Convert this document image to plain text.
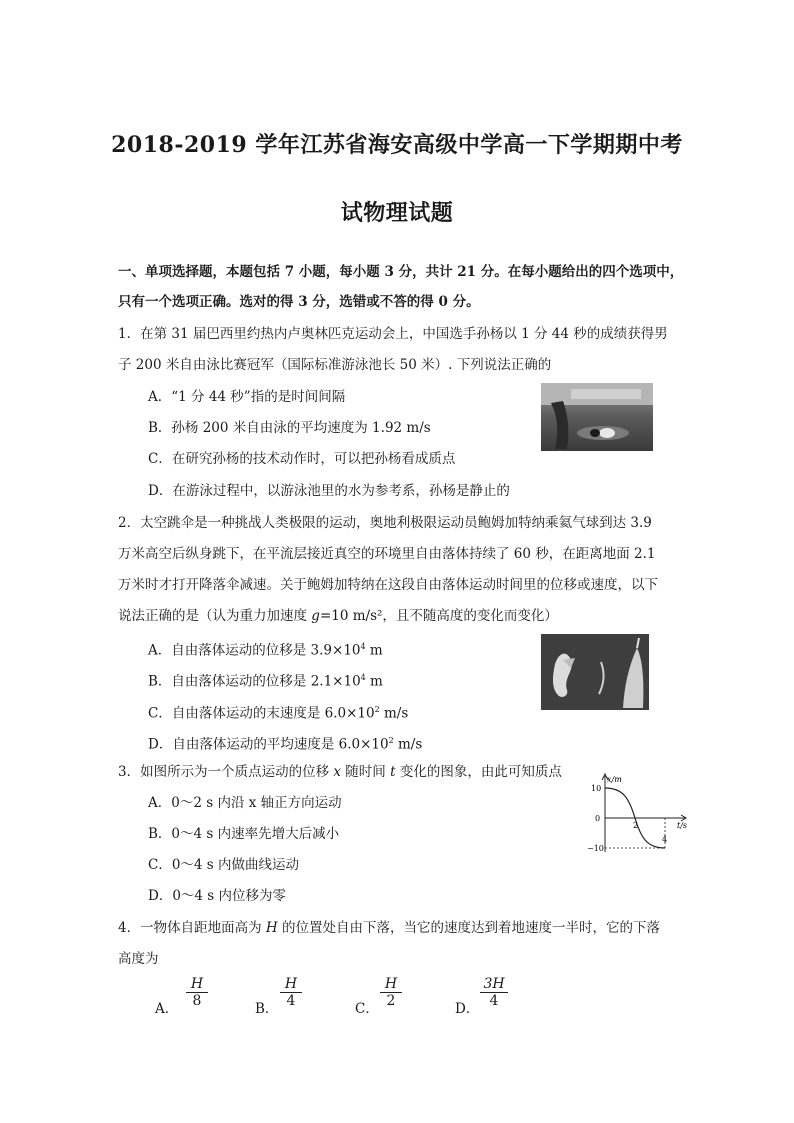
2018-2019 学年江苏省海安高级中学高一下学期期中考
试物理试题
一、单项选择题，本题包括 7 小题，每小题 3 分，共计 21 分。在每小题给出的四个选项中，
只有一个选项正确。选对的得 3 分，选错或不答的得 0 分。
1．在第 31 届巴西里约热内卢奥林匹克运动会上，中国选手孙杨以 1 分 44 秒的成绩获得男
子 200 米自由泳比赛冠军（国际标准游泳池长 50 米）. 下列说法正确的
A．“1 分 44 秒”指的是时间间隔
B．孙杨 200 米自由泳的平均速度为 1.92 m/s
C．在研究孙杨的技术动作时，可以把孙杨看成质点
D．在游泳过程中，以游泳池里的水为参考系，孙杨是静止的
2．太空跳伞是一种挑战人类极限的运动，奥地利极限运动员鲍姆加特纳乘氦气球到达 3.9
万米高空后纵身跳下，在平流层接近真空的环境里自由落体持续了 60 秒，在距离地面 2.1
万米时才打开降落伞减速。关于鲍姆加特纳在这段自由落体运动时间里的位移或速度，以下
说法正确的是（认为重力加速度 g=10 m/s²，且不随高度的变化而变化）
A．自由落体运动的位移是 $3.9\times 10^4$ m
B．自由落体运动的位移是 $2.1\times 10^4$ m
C．自由落体运动的末速度是 $6.0\times 10^2$ m/s
D．自由落体运动的平均速度是 $6.0\times 10^2$ m/s
3．如图所示为一个质点运动的位移 x 随时间 t 变化的图象，由此可知质点
A．0～2 s 内沿 x 轴正方向运动
B．0～4 s 内速率先增大后减小
C．0～4 s 内做曲线运动
D．0～4 s 内位移为零
x/m
t/s
10
0
−10
2
4
4．一物体自距地面高为 H 的位置处自由下落，当它的速度达到着地速度一半时，它的下落
高度为
A． $\frac{H}{8}$	B． $\frac{H}{4}$	C． $\frac{H}{2}$	D． $\frac{3H}{4}$
